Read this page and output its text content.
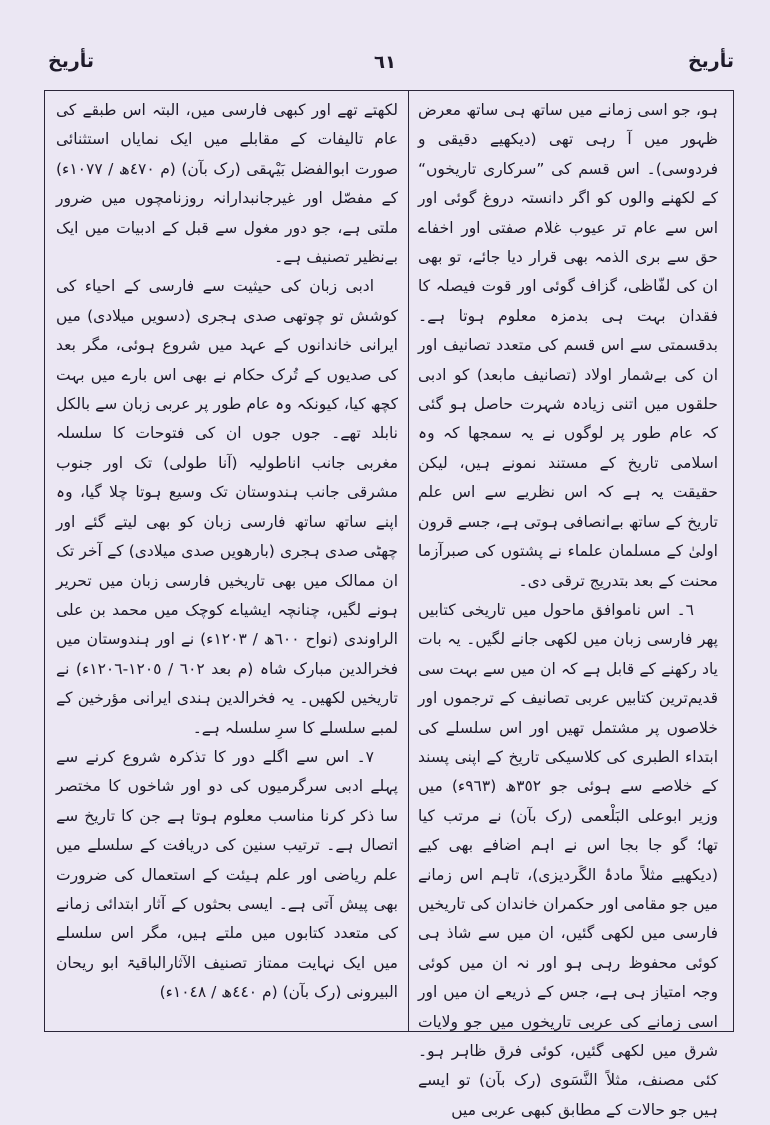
تأریخ
٦١
تأریخ

ہو، جو اسی زمانے میں ساتھ ہی ساتھ معرض ظہور میں آ رہی تھی (دیکھیے دقیقی و فردوسی)۔ اس قسم کی ”سرکاری تاریخوں“ کے لکھنے والوں کو اگر دانستہ دروغ گوئی اور اس سے عام تر عیوب غلام صفتی اور اخفاے حق سے بری الذمہ بھی قرار دیا جائے، تو بھی ان کی لفّاظی، گزاف گوئی اور قوت فیصلہ کا فقدان بہت ہی بدمزہ معلوم ہوتا ہے۔ بدقسمتی سے اس قسم کی متعدد تصانیف اور ان کی بےشمار اولاد (تصانیف مابعد) کو ادبی حلقوں میں اتنی زیادہ شہرت حاصل ہو گئی کہ عام طور پر لوگوں نے یہ سمجھا کہ وہ اسلامی تاریخ کے مستند نمونے ہیں، لیکن حقیقت یہ ہے کہ اس نظریے سے اس علم تاریخ کے ساتھ بےانصافی ہوتی ہے، جسے قرون اولیٰ کے مسلمان علماء نے پشتوں کی صبرآزما محنت کے بعد بتدریج ترقی دی۔

٦۔ اس ناموافق ماحول میں تاریخی کتابیں پھر فارسی زبان میں لکھی جانے لگیں۔ یہ بات یاد رکھنے کے قابل ہے کہ ان میں سے بہت سی قدیم‌ترین کتابیں عربی تصانیف کے ترجموں اور خلاصوں پر مشتمل تھیں اور اس سلسلے کی ابتداء الطبری کی کلاسیکی تاریخ کے اپنی پسند کے خلاصے سے ہوئی جو ٣٥٢ھ (٩٦٣ء) میں وزیر ابوعلی البَلْعمی (رک بآن) نے مرتب کیا تھا؛ گو جا بجا اس نے اہم اضافے بھی کیے (دیکھیے مثلاً مادۂ الگَردیزی)، تاہم اس زمانے میں جو مقامی اور حکمران خاندان کی تاریخیں فارسی میں لکھی گئیں، ان میں سے شاذ ہی کوئی محفوظ رہی ہو اور نہ ان میں کوئی وجہ امتیاز ہی ہے، جس کے ذریعے ان میں اور اسی زمانے کی عربی تاریخوں میں جو ولایات شرق میں لکھی گئیں، کوئی فرق ظاہر ہو۔ کئی مصنف، مثلاً النَّسَوی (رک بآن) تو ایسے ہیں جو حالات کے مطابق کبھی عربی میں

لکھتے تھے اور کبھی فارسی میں، البتہ اس طبقے کی عام تالیفات کے مقابلے میں ایک نمایاں استثنائی صورت ابوالفضل بَیْہقی (رک بآن) (م ٤٧٠ھ / ١٠٧٧ء) کے مفصّل اور غیرجانبدارانہ روزنامچوں میں ضرور ملتی ہے، جو دور مغول سے قبل کے ادبیات میں ایک بےنظیر تصنیف ہے۔

ادبی زبان کی حیثیت سے فارسی کے احیاء کی کوشش تو چوتھی صدی ہجری (دسویں میلادی) میں ایرانی خاندانوں کے عہد میں شروع ہوئی، مگر بعد کی صدیوں کے تُرک حکام نے بھی اس بارے میں بہت کچھ کیا، کیونکہ وہ عام طور پر عربی زبان سے بالکل نابلد تھے۔ جوں جوں ان کی فتوحات کا سلسلہ مغربی جانب اناطولیہ (آنا طولی) تک اور جنوب مشرقی جانب ہندوستان تک وسیع ہوتا چلا گیا، وہ اپنے ساتھ ساتھ فارسی زبان کو بھی لیتے گئے اور چھٹی صدی ہجری (بارھویں صدی میلادی) کے آخر تک ان ممالک میں بھی تاریخیں فارسی زبان میں تحریر ہونے لگیں، چنانچہ ایشیاے کوچک میں محمد بن علی الراوندی (نواح ٦٠٠ھ / ١٢٠٣ء) نے اور ہندوستان میں فخرالدین مبارک شاہ (م بعد ٦٠٢ / ١٢٠٥-١٢٠٦ء) نے تاریخیں لکھیں۔ یہ فخرالدین ہندی ایرانی مؤرخین کے لمبے سلسلے کا سرِ سلسلہ ہے۔

٧۔ اس سے اگلے دور کا تذکرہ شروع کرنے سے پہلے ادبی سرگرمیوں کی دو اور شاخوں کا مختصر سا ذکر کرنا مناسب معلوم ہوتا ہے جن کا تاریخ سے اتصال ہے۔ ترتیب سنین کی دریافت کے سلسلے میں علم ریاضی اور علم ہیئت کے استعمال کی ضرورت بھی پیش آتی ہے۔ ایسی بحثوں کے آثار ابتدائی زمانے کی متعدد کتابوں میں ملتے ہیں، مگر اس سلسلے میں ایک نہایت ممتاز تصنیف الآثارالباقیۃ ابو ریحان البیرونی (رک بآن) (م ٤٤٠ھ / ١٠٤٨ء)
